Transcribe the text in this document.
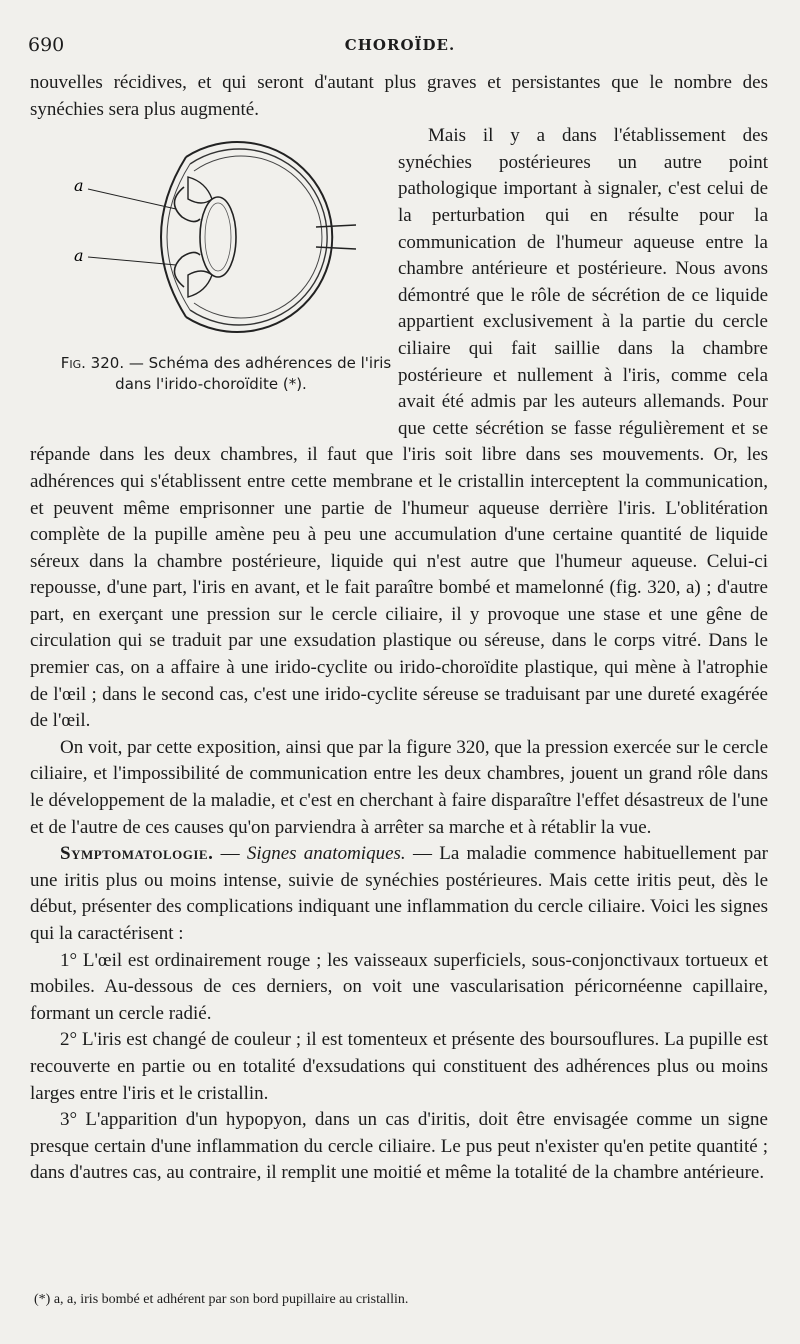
690	CHOROÏDE.

nouvelles récidives, et qui seront d'autant plus graves et persistantes que le nombre des synéchies sera plus augmenté.

a
a
Fig. 320. — Schéma des adhérences de l'iris dans l'irido-choroïdite (*).
Mais il y a dans l'établissement des synéchies postérieures un autre point pathologique important à signaler, c'est celui de la perturbation qui en résulte pour la communication de l'humeur aqueuse entre la chambre antérieure et postérieure. Nous avons démontré que le rôle de sécrétion de ce liquide appartient exclusivement à la partie du cercle ciliaire qui fait saillie dans la chambre postérieure et nullement à l'iris, comme cela avait été admis par les auteurs allemands. Pour que cette sécrétion se fasse régulièrement et se répande dans les deux chambres, il faut que l'iris soit libre dans ses mouvements. Or, les adhérences qui s'établissent entre cette membrane et le cristallin interceptent la communication, et peuvent même emprisonner une partie de l'humeur aqueuse derrière l'iris. L'oblitération complète de la pupille amène peu à peu une accumulation d'une certaine quantité de liquide séreux dans la chambre postérieure, liquide qui n'est autre que l'humeur aqueuse. Celui-ci repousse, d'une part, l'iris en avant, et le fait paraître bombé et mamelonné (fig. 320, a) ; d'autre part, en exerçant une pression sur le cercle ciliaire, il y provoque une stase et une gêne de circulation qui se traduit par une exsudation plastique ou séreuse, dans le corps vitré. Dans le premier cas, on a affaire à une irido-cyclite ou irido-choroïdite plastique, qui mène à l'atrophie de l'œil ; dans le second cas, c'est une irido-cyclite séreuse se traduisant par une dureté exagérée de l'œil.

On voit, par cette exposition, ainsi que par la figure 320, que la pression exercée sur le cercle ciliaire, et l'impossibilité de communication entre les deux chambres, jouent un grand rôle dans le développement de la maladie, et c'est en cherchant à faire disparaître l'effet désastreux de l'une et de l'autre de ces causes qu'on parviendra à arrêter sa marche et à rétablir la vue.

Symptomatologie. — Signes anatomiques. — La maladie commence habituellement par une iritis plus ou moins intense, suivie de synéchies postérieures. Mais cette iritis peut, dès le début, présenter des complications indiquant une inflammation du cercle ciliaire. Voici les signes qui la caractérisent :

1° L'œil est ordinairement rouge ; les vaisseaux superficiels, sous-conjonctivaux tortueux et mobiles. Au-dessous de ces derniers, on voit une vascularisation péricornéenne capillaire, formant un cercle radié.

2° L'iris est changé de couleur ; il est tomenteux et présente des boursouflures. La pupille est recouverte en partie ou en totalité d'exsudations qui constituent des adhérences plus ou moins larges entre l'iris et le cristallin.

3° L'apparition d'un hypopyon, dans un cas d'iritis, doit être envisagée comme un signe presque certain d'une inflammation du cercle ciliaire. Le pus peut n'exister qu'en petite quantité ; dans d'autres cas, au contraire, il remplit une moitié et même la totalité de la chambre antérieure.

(*) a, a, iris bombé et adhérent par son bord pupillaire au cristallin.
